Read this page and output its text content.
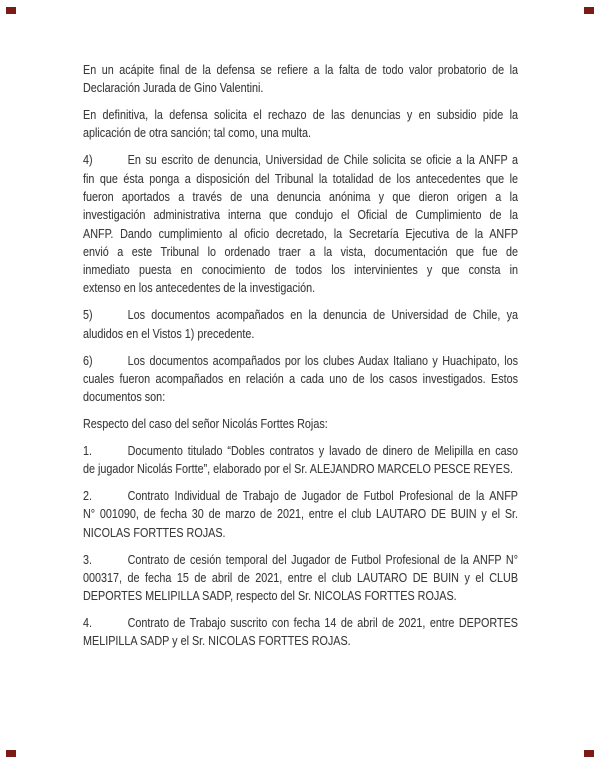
En un acápite final de la defensa se refiere a la falta de todo valor probatorio de la
Declaración Jurada de Gino Valentini.
En definitiva, la defensa solicita el rechazo de las denuncias y en subsidio pide la
aplicación de otra sanción; tal como, una multa.
4)	En su escrito de denuncia, Universidad de Chile solicita se oficie a la ANFP a
fin que ésta ponga a disposición del Tribunal la totalidad de los antecedentes que le
fueron aportados a través de una denuncia anónima y que dieron origen a la
investigación administrativa interna que condujo el Oficial de Cumplimiento de la
ANFP. Dando cumplimiento al oficio decretado, la Secretaría Ejecutiva de la ANFP
envió a este Tribunal lo ordenado traer a la vista, documentación que fue de
inmediato puesta en conocimiento de todos los intervinientes y que consta in
extenso en los antecedentes de la investigación.
5)	Los documentos acompañados en la denuncia de Universidad de Chile, ya
aludidos en el Vistos 1) precedente.
6)	Los documentos acompañados por los clubes Audax Italiano y Huachipato, los
cuales fueron acompañados en relación a cada uno de los casos investigados. Estos
documentos son:
Respecto del caso del señor Nicolás Forttes Rojas:
1.	Documento titulado “Dobles contratos y lavado de dinero de Melipilla en caso
de jugador Nicolás Fortte”, elaborado por el Sr. ALEJANDRO MARCELO PESCE REYES.
2.	Contrato Individual de Trabajo de Jugador de Futbol Profesional de la ANFP
N° 001090, de fecha 30 de marzo de 2021, entre el club LAUTARO DE BUIN y el Sr.
NICOLAS FORTTES ROJAS.
3.	Contrato de cesión temporal del Jugador de Futbol Profesional de la ANFP N°
000317, de fecha 15 de abril de 2021, entre el club LAUTARO DE BUIN y el CLUB
DEPORTES MELIPILLA SADP, respecto del Sr. NICOLAS FORTTES ROJAS.
4.	Contrato de Trabajo suscrito con fecha 14 de abril de 2021, entre DEPORTES
MELIPILLA SADP y el Sr. NICOLAS FORTTES ROJAS.
